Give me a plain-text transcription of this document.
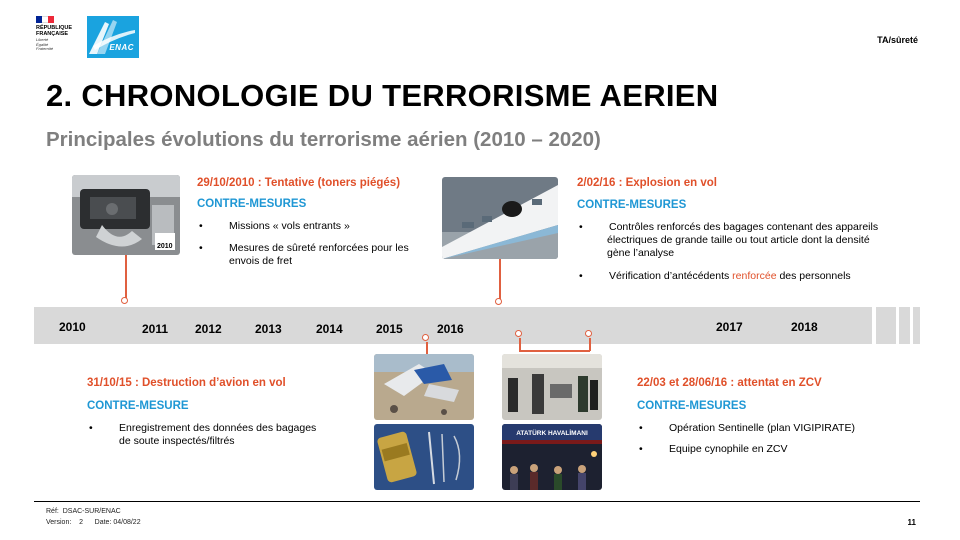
RÉPUBLIQUE
FRANÇAISE
Liberté
Égalité
Fraternité	ENAC
TA/sûreté
2. CHRONOLOGIE DU TERRORISME AERIEN
Principales évolutions du terrorisme aérien (2010 – 2020)
2010	2011 2012	2013	2014	2015	2016	2017	2018
2010
ATATÜRK HAVALİMANI
29/10/2010 : Tentative (toners piégés)
CONTRE-MESURES
•	Missions « vols entrants »
•	Mesures de sûreté renforcées pour les
envois de fret
2/02/16 : Explosion en vol
CONTRE-MESURES
•	Contrôles renforcés des bagages contenant des appareils
électriques de grande taille ou tout article dont la densité
gène l’analyse
•	Vérification d’antécédents renforcée des personnels
31/10/15 : Destruction d’avion en vol
CONTRE-MESURE
•	Enregistrement des données des bagages
de soute inspectés/filtrés
22/03 et 28/06/16 : attentat en ZCV
CONTRE-MESURES
•	Opération Sentinelle (plan VIGIPIRATE)
•	Equipe cynophile en ZCV
Réf: DSAC-SUR/ENAC
Version: 2 Date: 04/08/22	11
